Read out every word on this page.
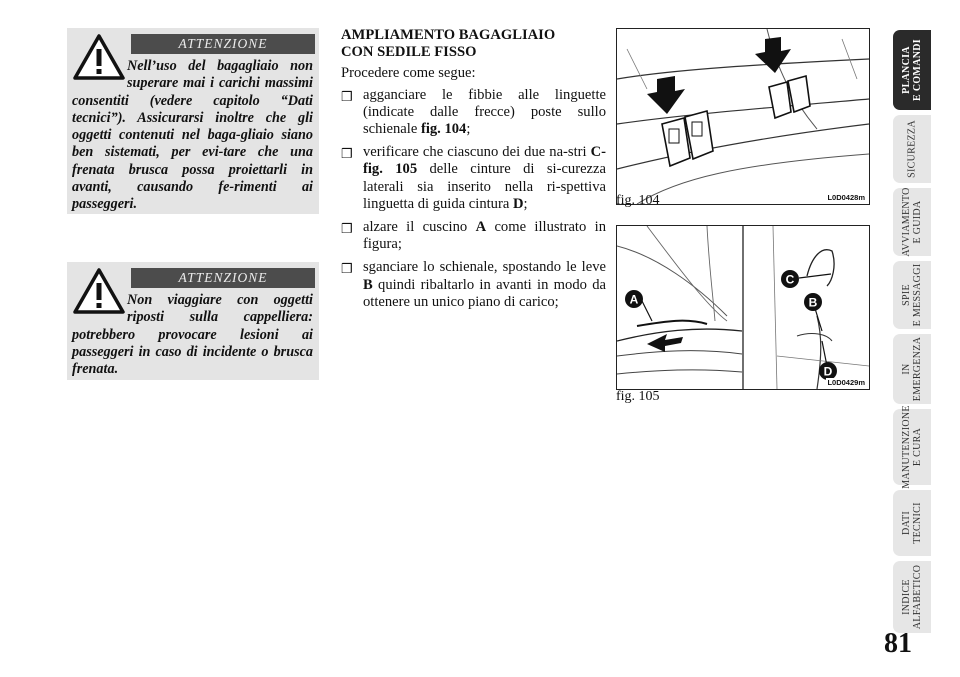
ATTENZIONE
Nell’uso del bagagliaio non superare mai i carichi massimi consentiti (vedere capitolo “Dati tecnici”). Assicurarsi inoltre che gli oggetti contenuti nel baga-gliaio siano ben sistemati, per evi-tare che una frenata brusca possa proiettarli in avanti, causando fe-rimenti ai passeggeri.
ATTENZIONE
Non viaggiare con oggetti riposti sulla cappelliera: potrebbero provocare lesioni ai passeggeri in caso di incidente o brusca frenata.

AMPLIAMENTO BAGAGLIAIO
CON SEDILE FISSO

Procedere come segue:

❒ agganciare le fibbie alle linguette (indicate dalle frecce) poste sullo schienale fig. 104;
❒ verificare che ciascuno dei due na-stri C-fig. 105 delle cinture di si-curezza laterali sia inserito nella ri-spettiva linguetta di guida cintura D;
❒ alzare il cuscino A come illustrato in figura;
❒ sganciare lo schienale, spostando le leve B quindi ribaltarlo in avanti in modo da ottenere un unico piano di carico;
L0D0428m
fig. 104
A	B
C
D
L0D0429m
fig. 105
PLANCIA
E COMANDI
SICUREZZA
AVVIAMENTO
E GUIDA
SPIE
E MESSAGGI
IN
EMERGENZA
MANUTENZIONE
E CURA
DATI
TECNICI
INDICE
ALFABETICO
81
